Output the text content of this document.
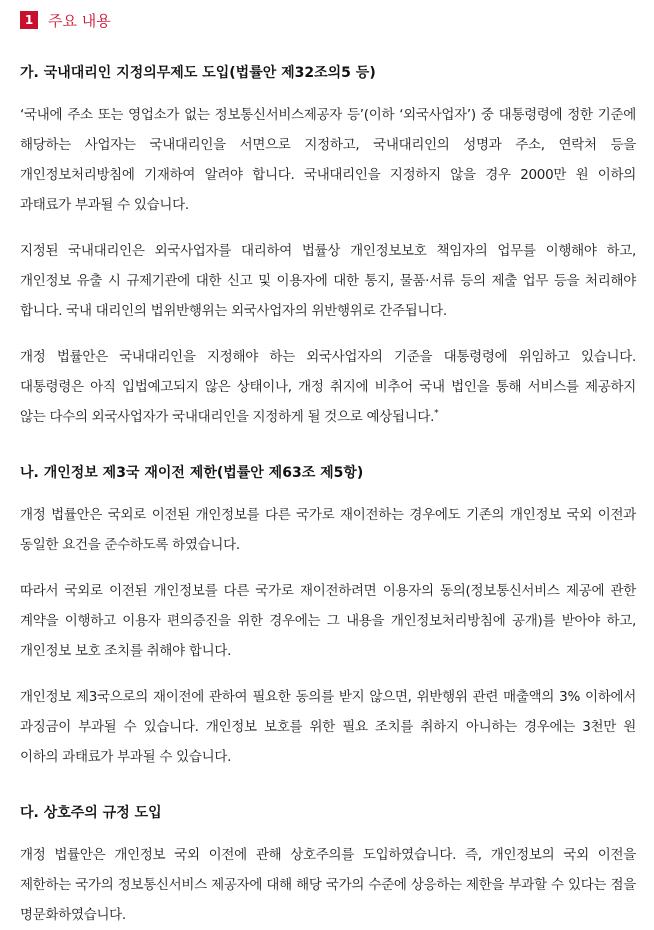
1 주요 내용
가. 국내대리인 지정의무제도 도입(법률안 제32조의5 등)

‘국내에 주소 또는 영업소가 없는 정보통신서비스제공자 등’(이하 ‘외국사업자’) 중 대통령령에 정한 기준에 해당하는 사업자는 국내대리인을 서면으로 지정하고, 국내대리인의 성명과 주소, 연락처 등을 개인정보처리방침에 기재하여 알려야 합니다. 국내대리인을 지정하지 않을 경우 2000만 원 이하의 과태료가 부과될 수 있습니다.

지정된 국내대리인은 외국사업자를 대리하여 법률상 개인정보보호 책임자의 업무를 이행해야 하고, 개인정보 유출 시 규제기관에 대한 신고 및 이용자에 대한 통지, 물품·서류 등의 제출 업무 등을 처리해야 합니다. 국내 대리인의 법위반행위는 외국사업자의 위반행위로 간주됩니다.

개정 법률안은 국내대리인을 지정해야 하는 외국사업자의 기준을 대통령령에 위임하고 있습니다. 대통령령은 아직 입법예고되지 않은 상태이나, 개정 취지에 비추어 국내 법인을 통해 서비스를 제공하지 않는 다수의 외국사업자가 국내대리인을 지정하게 될 것으로 예상됩니다.*

나. 개인정보 제3국 재이전 제한(법률안 제63조 제5항)

개정 법률안은 국외로 이전된 개인정보를 다른 국가로 재이전하는 경우에도 기존의 개인정보 국외 이전과 동일한 요건을 준수하도록 하였습니다.

따라서 국외로 이전된 개인정보를 다른 국가로 재이전하려면 이용자의 동의(정보통신서비스 제공에 관한 계약을 이행하고 이용자 편의증진을 위한 경우에는 그 내용을 개인정보처리방침에 공개)를 받아야 하고, 개인정보 보호 조치를 취해야 합니다.

개인정보 제3국으로의 재이전에 관하여 필요한 동의를 받지 않으면, 위반행위 관련 매출액의 3% 이하에서 과징금이 부과될 수 있습니다. 개인정보 보호를 위한 필요 조치를 취하지 아니하는 경우에는 3천만 원 이하의 과태료가 부과될 수 있습니다.

다. 상호주의 규정 도입

개정 법률안은 개인정보 국외 이전에 관해 상호주의를 도입하였습니다. 즉, 개인정보의 국외 이전을 제한하는 국가의 정보통신서비스 제공자에 대해 해당 국가의 수준에 상응하는 제한을 부과할 수 있다는 점을 명문화하였습니다.
